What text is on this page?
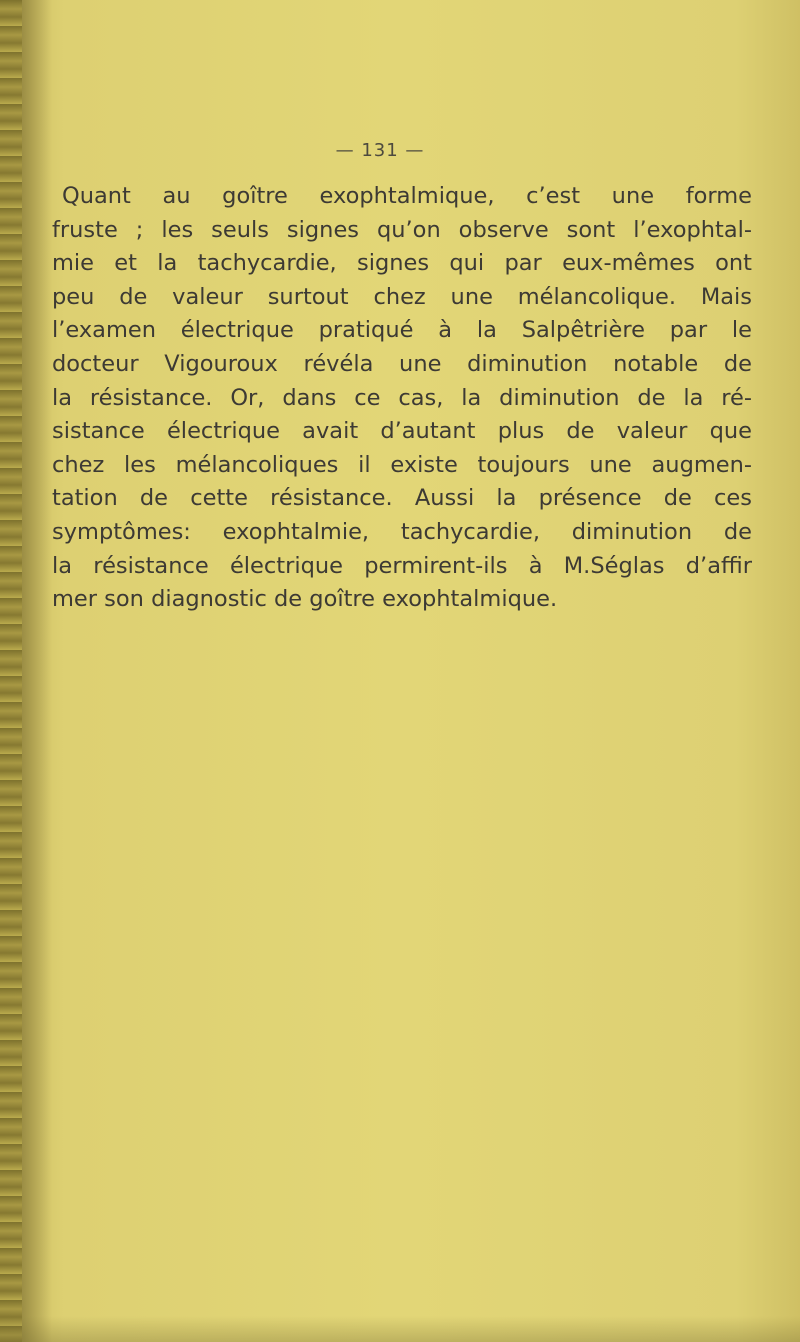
— 131 —
Quant au goître exophtalmique, c’est une forme
fruste ; les seuls signes qu’on observe sont l’exophtal-
mie et la tachycardie, signes qui par eux-mêmes ont
peu de valeur surtout chez une mélancolique. Mais
l’examen électrique pratiqué à la Salpêtrière par le
docteur Vigouroux révéla une diminution notable de
la résistance. Or, dans ce cas, la diminution de la ré-
sistance électrique avait d’autant plus de valeur que
chez les mélancoliques il existe toujours une augmen-
tation de cette résistance. Aussi la présence de ces
symptômes: exophtalmie, tachycardie, diminution de
la résistance électrique permirent-ils à M.Séglas d’affir
mer son diagnostic de goître exophtalmique.
